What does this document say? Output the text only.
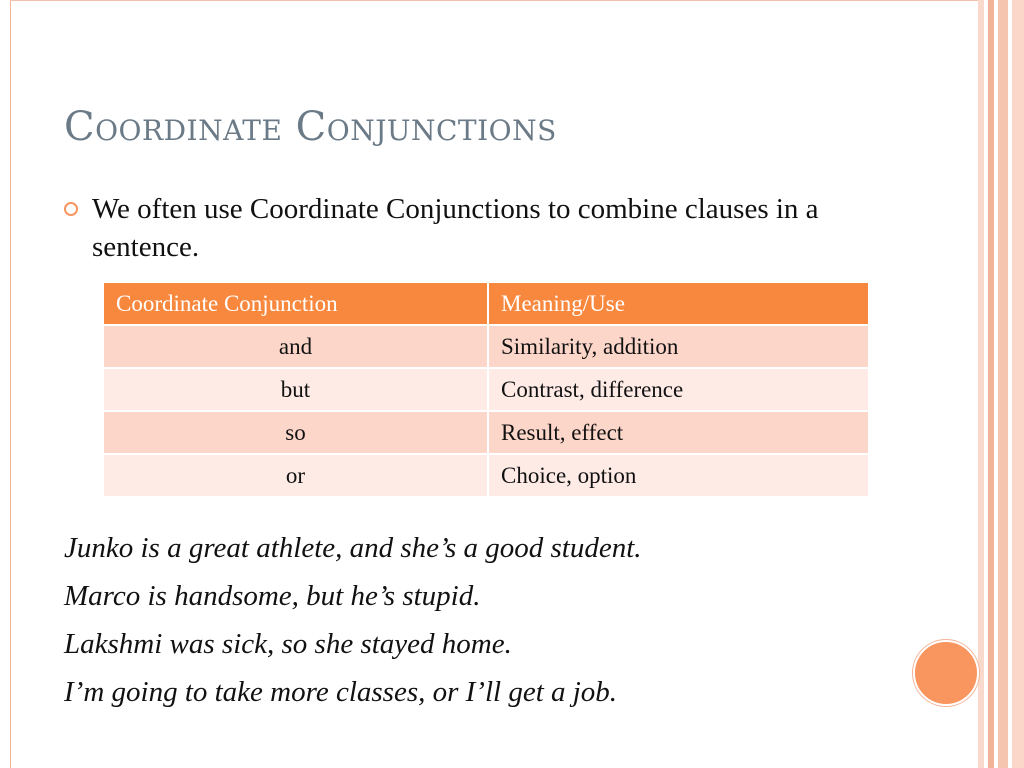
Coordinate Conjunctions
We often use Coordinate Conjunctions to combine clauses in a sentence.
Coordinate Conjunction	Meaning/Use
and	Similarity, addition
but	Contrast, difference
so	Result, effect
or	Choice, option
Junko is a great athlete, and she’s a good student.
Marco is handsome, but he’s stupid.
Lakshmi was sick, so she stayed home.
I’m going to take more classes, or I’ll get a job.
